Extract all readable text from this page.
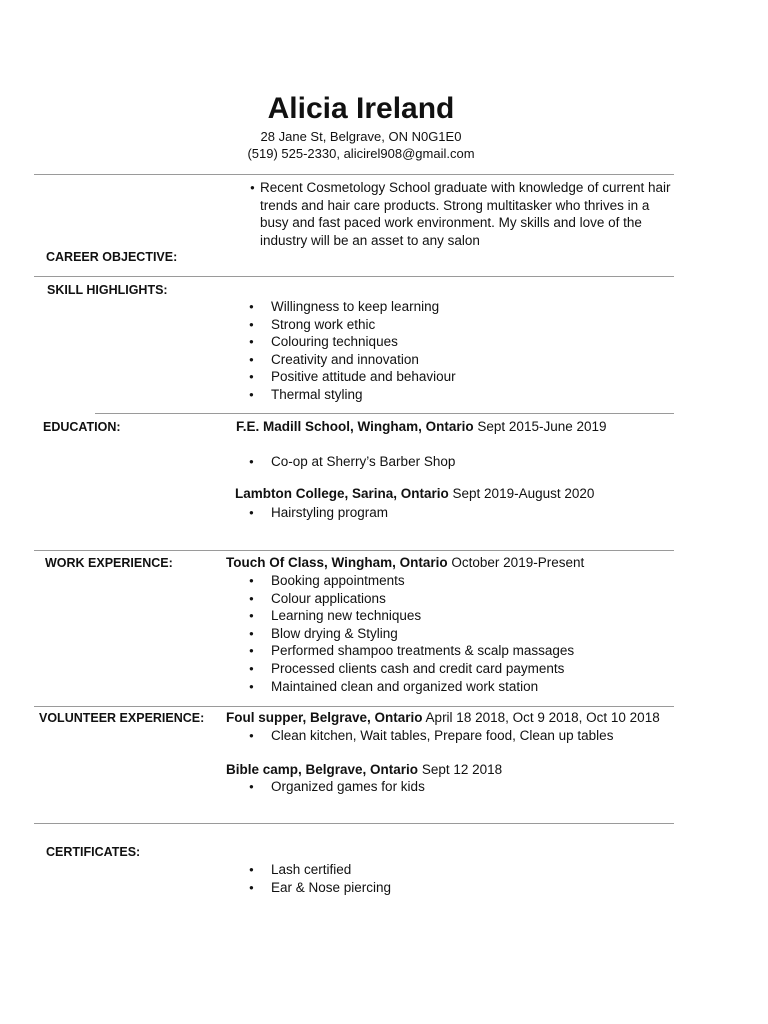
Alicia Ireland
28 Jane St, Belgrave, ON N0G1E0
(519) 525-2330, alicirel908@gmail.com
● Recent Cosmetology School graduate with knowledge of current hair trends and hair care products. Strong multitasker who thrives in a busy and fast paced work environment. My skills and love of the industry will be an asset to any salon
CAREER OBJECTIVE:
SKILL HIGHLIGHTS:
● Willingness to keep learning
● Strong work ethic
● Colouring techniques
● Creativity and innovation
● Positive attitude and behaviour
● Thermal styling
EDUCATION:	F.E. Madill School, Wingham, Ontario Sept 2015-June 2019
● Co-op at Sherry’s Barber Shop
Lambton College, Sarina, Ontario Sept 2019-August 2020
● Hairstyling program
WORK EXPERIENCE:	Touch Of Class, Wingham, Ontario October 2019-Present
● Booking appointments
● Colour applications
● Learning new techniques
● Blow drying & Styling
● Performed shampoo treatments & scalp massages
● Processed clients cash and credit card payments
● Maintained clean and organized work station
VOLUNTEER EXPERIENCE: Foul supper, Belgrave, Ontario April 18 2018, Oct 9 2018, Oct 10 2018
● Clean kitchen, Wait tables, Prepare food, Clean up tables
Bible camp, Belgrave, Ontario Sept 12 2018
● Organized games for kids
CERTIFICATES:
● Lash certified
● Ear & Nose piercing
